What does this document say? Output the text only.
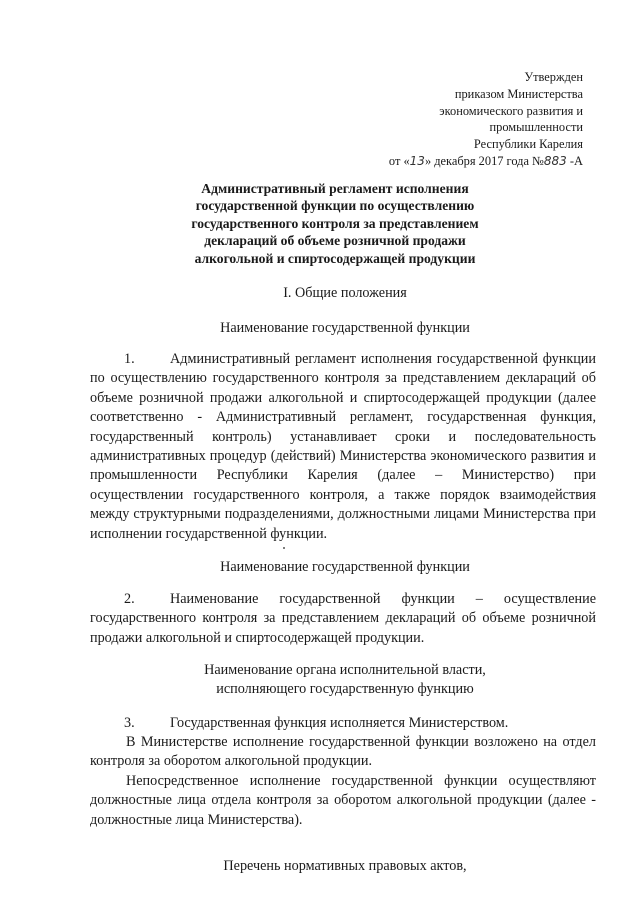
Утвержден
приказом Министерства
экономического развития и
промышленности
Республики Карелия
от «13» декабря 2017 года №883 -А
Административный регламент исполнения
государственной функции по осуществлению
государственного контроля за представлением
деклараций об объеме розничной продажи
алкогольной и спиртосодержащей продукции
I. Общие положения
Наименование государственной функции
1. Административный регламент исполнения государственной функции по осуществлению государственного контроля за представлением деклараций об объеме розничной продажи алкогольной и спиртосодержащей продукции (далее соответственно - Административный регламент, государственная функция, государственный контроль) устанавливает сроки и последовательность административных процедур (действий) Министерства экономического развития и промышленности Республики Карелия (далее – Министерство) при осуществлении государственного контроля, а также порядок взаимодействия между структурными подразделениями, должностными лицами Министерства при исполнении государственной функции.
Наименование государственной функции
2. Наименование государственной функции – осуществление государственного контроля за представлением деклараций об объеме розничной продажи алкогольной и спиртосодержащей продукции.
Наименование органа исполнительной власти,
исполняющего государственную функцию
3. Государственная функция исполняется Министерством.
В Министерстве исполнение государственной функции возложено на отдел контроля за оборотом алкогольной продукции.
Непосредственное исполнение государственной функции осуществляют должностные лица отдела контроля за оборотом алкогольной продукции (далее - должностные лица Министерства).
Перечень нормативных правовых актов,
